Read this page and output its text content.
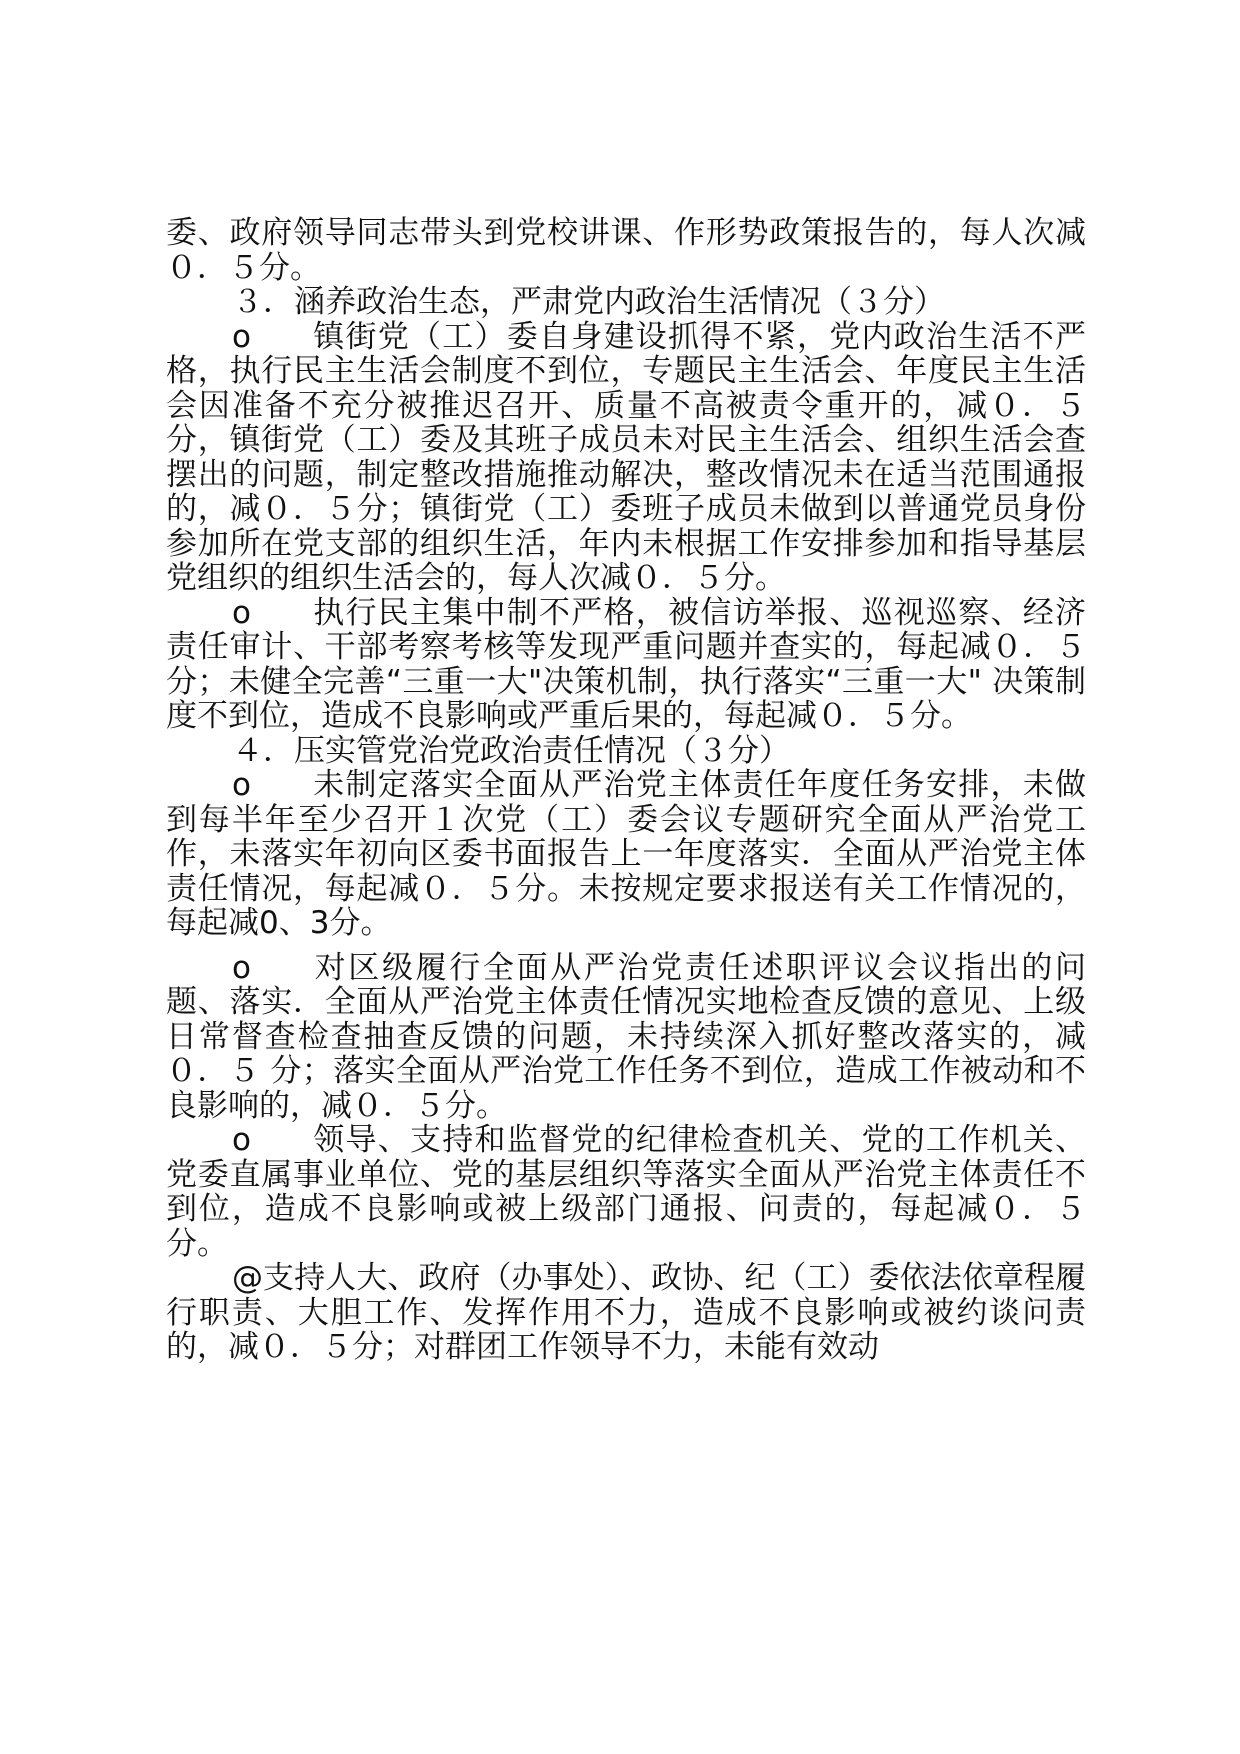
委、政府领导同志带头到党校讲课、作形势政策报告的，每人次减０．５分。

３．涵养政治生态，严肃党内政治生活情况（３分）

o 镇街党（工）委自身建设抓得不紧，党内政治生活不严格，执行民主生活会制度不到位，专题民主生活会、年度民主生活会因准备不充分被推迟召开、质量不高被责令重开的，减０．５分，镇街党（工）委及其班子成员未对民主生活会、组织生活会查摆出的问题，制定整改措施推动解决，整改情况未在适当范围通报的，减０．５分；镇街党（工）委班子成员未做到以普通党员身份参加所在党支部的组织生活，年内未根据工作安排参加和指导基层党组织的组织生活会的，每人次减０．５分。

o 执行民主集中制不严格，被信访举报、巡视巡察、经济责任审计、干部考察考核等发现严重问题并查实的，每起减０．５ 分；未健全完善“三重一大"决策机制，执行落实“三重一大" 决策制度不到位，造成不良影响或严重后果的，每起减０．５分。

４．压实管党治党政治责任情况（３分）

o 未制定落实全面从严治党主体责任年度任务安排，未做到每半年至少召开１次党（工）委会议专题研究全面从严治党工作，未落实年初向区委书面报告上一年度落实．全面从严治党主体责任情况，每起减０．５分。未按规定要求报送有关工作情况的，每起减0、3分。

o 对区级履行全面从严治党责任述职评议会议指出的问题、落实．全面从严治党主体责任情况实地检查反馈的意见、上级日常督查检查抽查反馈的问题，未持续深入抓好整改落实的，减０．５ 分；落实全面从严治党工作任务不到位，造成工作被动和不良影响的，减０．５分。

o 领导、支持和监督党的纪律检查机关、党的工作机关、党委直属事业单位、党的基层组织等落实全面从严治党主体责任不到位，造成不良影响或被上级部门通报、问责的，每起减０．５分。

@支持人大、政府（办事处）、政协、纪（工）委依法依章程履行职责、大胆工作、发挥作用不力，造成不良影响或被约谈问责的，减０．５分；对群团工作领导不力，未能有效动
